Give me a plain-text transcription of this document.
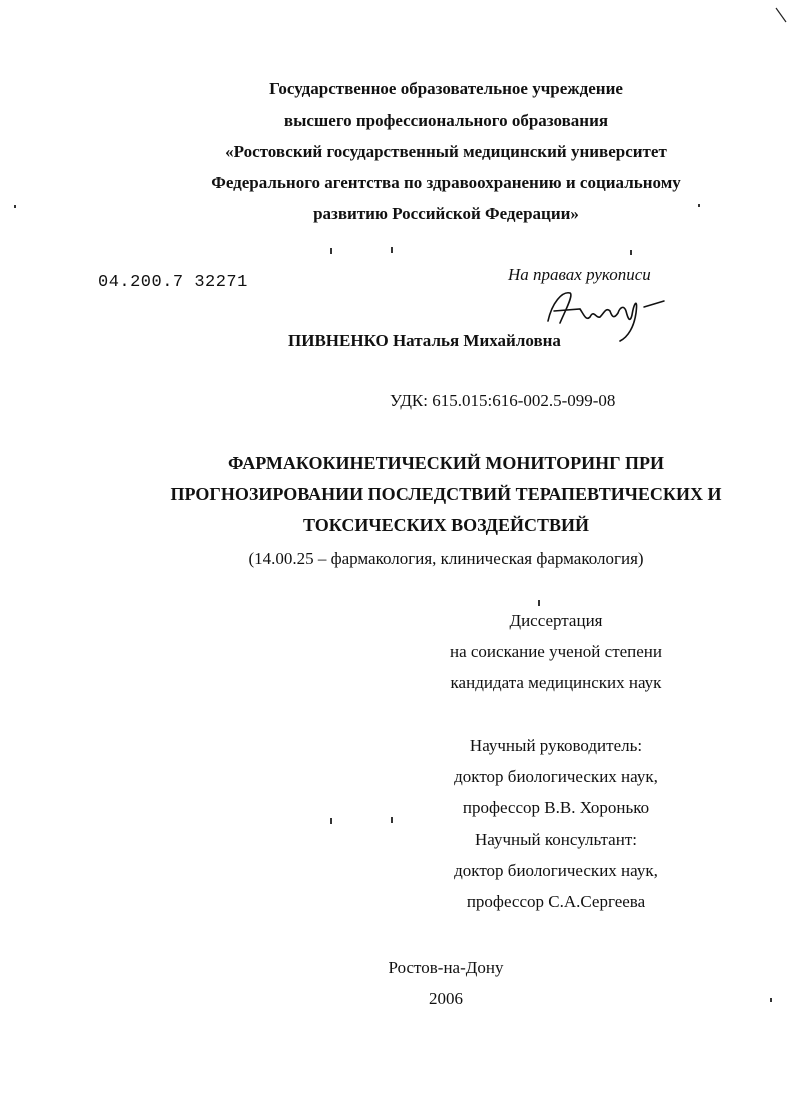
Государственное образовательное учреждение
высшего профессионального образования
«Ростовский государственный медицинский университет
Федерального агентства по здравоохранению и социальному
развитию Российской Федерации»
04.200.7 32271	На правах рукописи
ПИВНЕНКО Наталья Михайловна
УДК: 615.015:616-002.5-099-08
ФАРМАКОКИНЕТИЧЕСКИЙ МОНИТОРИНГ ПРИ
ПРОГНОЗИРОВАНИИ ПОСЛЕДСТВИЙ ТЕРАПЕВТИЧЕСКИХ И
ТОКСИЧЕСКИХ ВОЗДЕЙСТВИЙ
(14.00.25 – фармакология, клиническая фармакология)
Диссертация
на соискание ученой степени
кандидата медицинских наук
Научный руководитель:
доктор биологических наук,
профессор В.В. Хоронько
Научный консультант:
доктор биологических наук,
профессор С.А.Сергеева
Ростов-на-Дону
2006
